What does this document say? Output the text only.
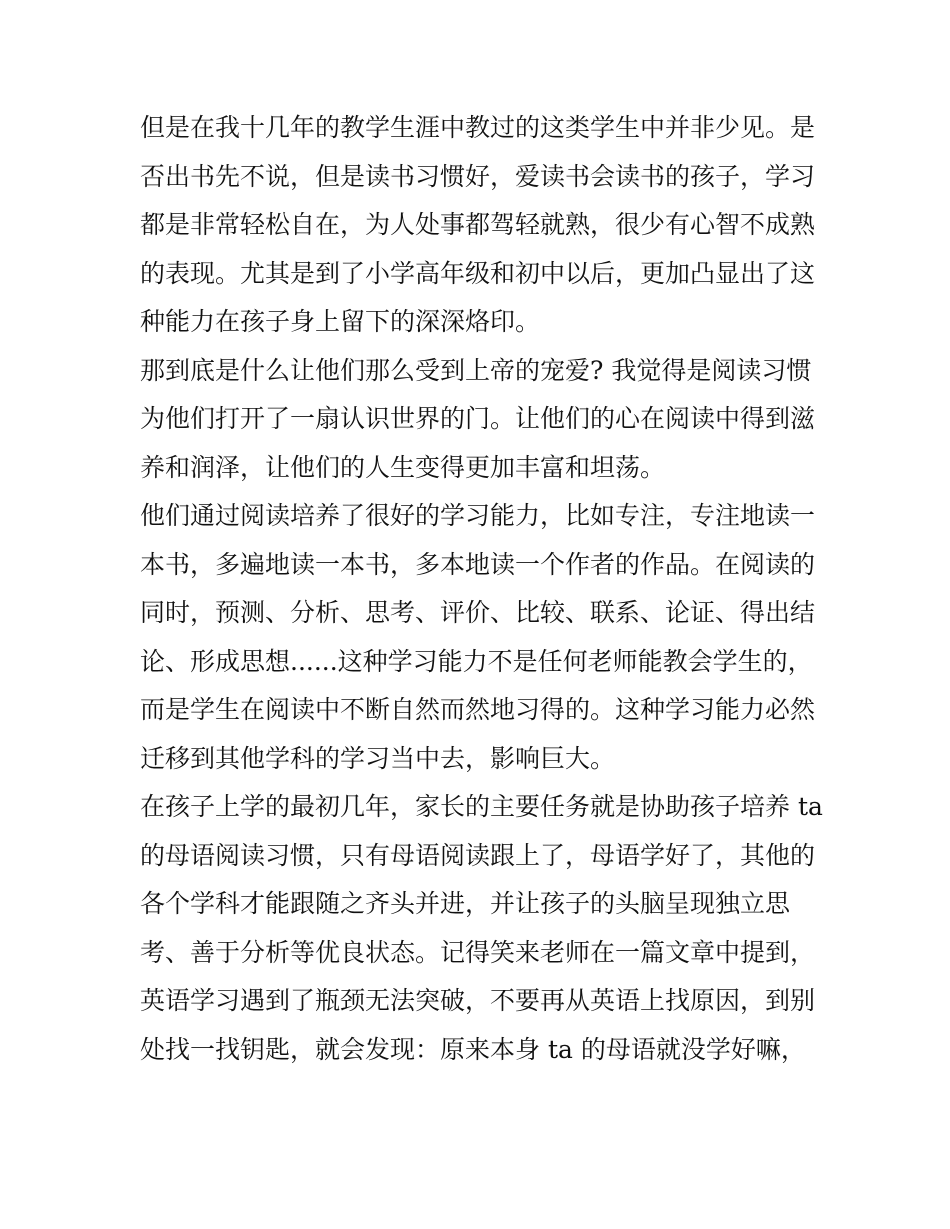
但是在我十几年的教学生涯中教过的这类学生中并非少见。是
否出书先不说，但是读书习惯好，爱读书会读书的孩子，学习
都是非常轻松自在，为人处事都驾轻就熟，很少有心智不成熟
的表现。尤其是到了小学高年级和初中以后，更加凸显出了这
种能力在孩子身上留下的深深烙印。
那到底是什么让他们那么受到上帝的宠爱? 我觉得是阅读习惯
为他们打开了一扇认识世界的门。让他们的心在阅读中得到滋
养和润泽，让他们的人生变得更加丰富和坦荡。
他们通过阅读培养了很好的学习能力，比如专注，专注地读一
本书，多遍地读一本书，多本地读一个作者的作品。在阅读的
同时，预测、分析、思考、评价、比较、联系、论证、得出结
论、形成思想......这种学习能力不是任何老师能教会学生的，
而是学生在阅读中不断自然而然地习得的。这种学习能力必然
迁移到其他学科的学习当中去，影响巨大。
在孩子上学的最初几年，家长的主要任务就是协助孩子培养 ta
的母语阅读习惯，只有母语阅读跟上了，母语学好了，其他的
各个学科才能跟随之齐头并进，并让孩子的头脑呈现独立思
考、善于分析等优良状态。记得笑来老师在一篇文章中提到，
英语学习遇到了瓶颈无法突破，不要再从英语上找原因，到别
处找一找钥匙，就会发现：原来本身 ta 的母语就没学好嘛，
